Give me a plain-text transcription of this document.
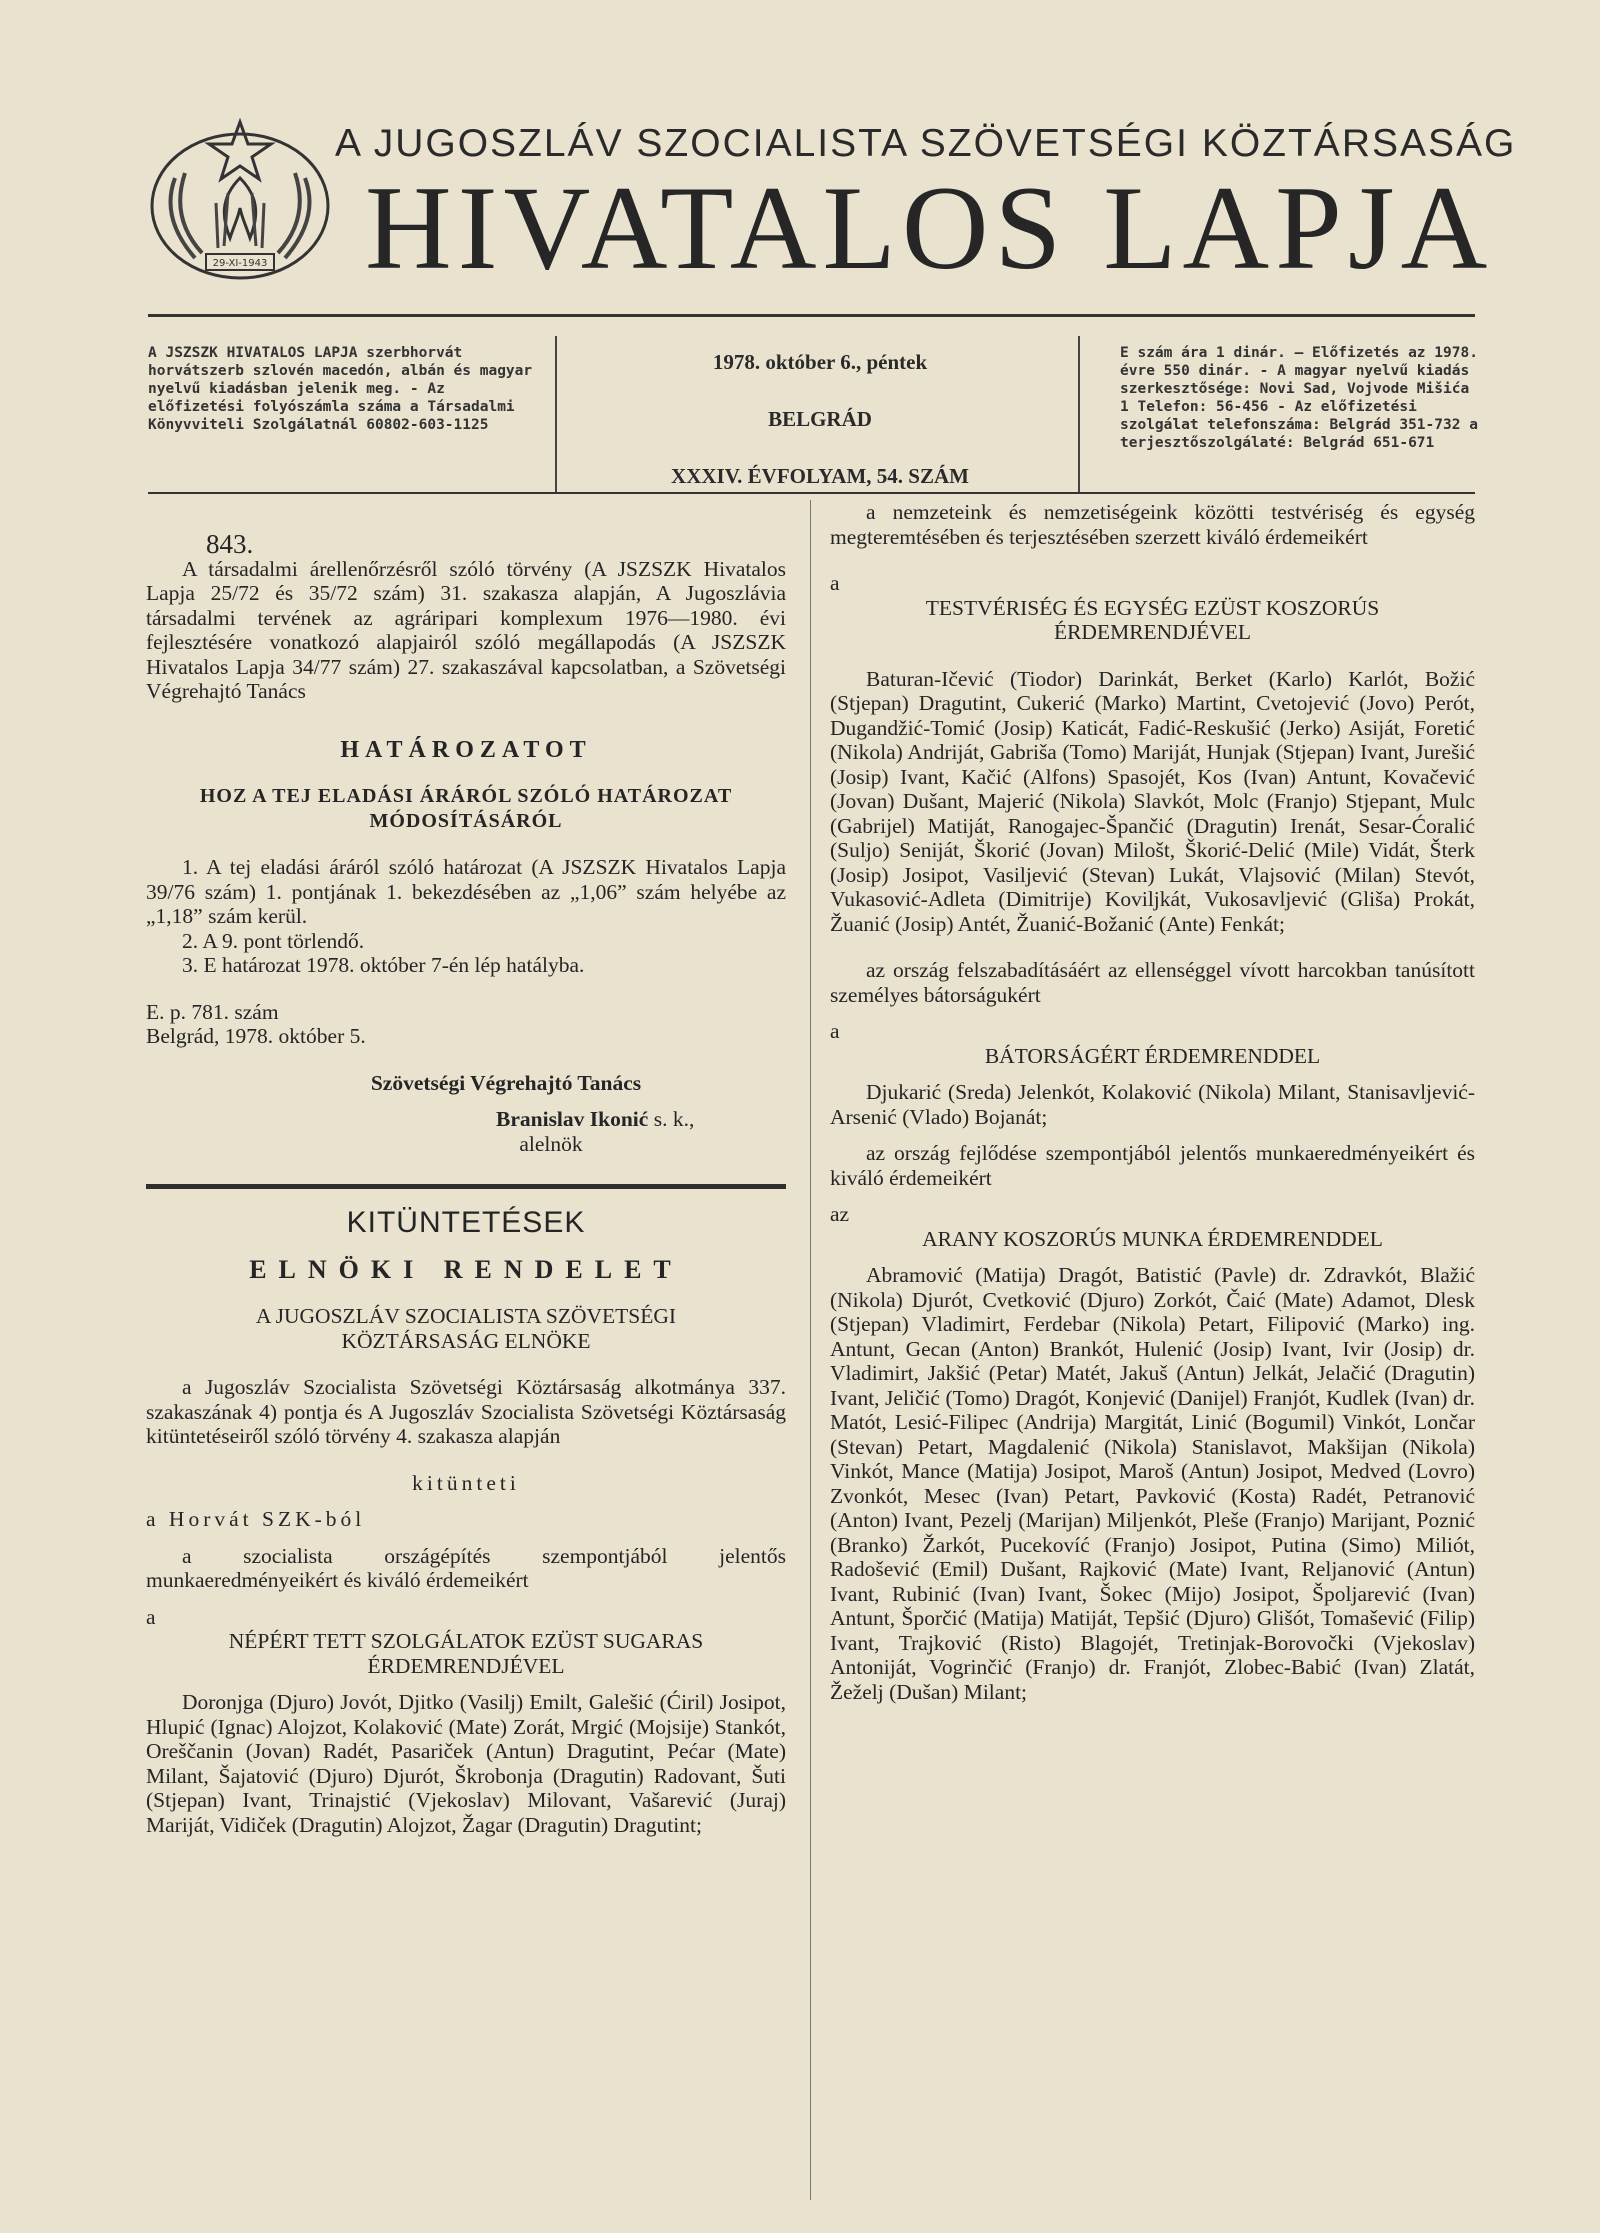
29-XI-1943
A JUGOSZLÁV SZOCIALISTA SZÖVETSÉGI KÖZTÁRSASÁG
HIVATALOS LAPJA
A JSZSZK HIVATALOS LAPJA szerbhorvát horvátszerb szlovén macedón, albán és magyar nyelvű kiadásban jelenik meg. - Az előfizetési folyószámla száma a Társadalmi Könyvviteli Szolgálatnál 60802-603-1125
1978. október 6., péntek
BELGRÁD
XXXIV. ÉVFOLYAM, 54. SZÁM
E szám ára 1 dinár. — Előfizetés az 1978. évre 550 dinár. - A magyar nyelvű kiadás szerkesztősége: Novi Sad, Vojvode Mišića 1 Telefon: 56-456 - Az előfizetési szolgálat telefonszáma: Belgrád 351-732 a terjesztőszolgálaté: Belgrád 651-671

843.

A társadalmi árellenőrzésről szóló törvény (A JSZSZK Hivatalos Lapja 25/72 és 35/72 szám) 31. szakasza alapján, A Jugoszlávia társadalmi tervének az agráripari komplexum 1976—1980. évi fejlesztésére vonatkozó alapjairól szóló megállapodás (A JSZSZK Hivatalos Lapja 34/77 szám) 27. szakaszával kapcsolatban, a Szövetségi Végrehajtó Tanács

HATÁROZATOT

HOZ A TEJ ELADÁSI ÁRÁRÓL SZÓLÓ HATÁROZAT MÓDOSÍTÁSÁRÓL

1. A tej eladási áráról szóló határozat (A JSZSZK Hivatalos Lapja 39/76 szám) 1. pontjának 1. bekezdésében az „1,06” szám helyébe az „1,18” szám kerül.

2. A 9. pont törlendő.

3. E határozat 1978. október 7-én lép hatályba.

E. p. 781. szám

Belgrád, 1978. október 5.

Szövetségi Végrehajtó Tanács

Branislav Ikonić s. k.,

alelnök

KITÜNTETÉSEK

ELNÖKI RENDELET

A JUGOSZLÁV SZOCIALISTA SZÖVETSÉGI KÖZTÁRSASÁG ELNÖKE

a Jugoszláv Szocialista Szövetségi Köztársaság alkotmánya 337. szakaszának 4) pontja és A Jugoszláv Szocialista Szövetségi Köztársaság kitüntetéseiről szóló törvény 4. szakasza alapján

kitünteti

a Horvát SZK-ból

a szocialista országépítés szempontjából jelentős munkaeredményeikért és kiváló érdemeikért

a

NÉPÉRT TETT SZOLGÁLATOK EZÜST SUGARAS ÉRDEMRENDJÉVEL

Doronjga (Djuro) Jovót, Djitko (Vasilj) Emilt, Galešić (Ćiril) Josipot, Hlupić (Ignac) Alojzot, Kolaković (Mate) Zorát, Mrgić (Mojsije) Stankót, Oreščanin (Jovan) Radét, Pasariček (Antun) Dragutint, Pećar (Mate) Milant, Šajatović (Djuro) Djurót, Škrobonja (Dragutin) Radovant, Šuti (Stjepan) Ivant, Trinajstić (Vjekoslav) Milovant, Vašarević (Juraj) Mariját, Vidiček (Dragutin) Alojzot, Žagar (Dragutin) Dragutint;

a nemzeteink és nemzetiségeink közötti testvériség és egység megteremtésében és terjesztésében szerzett kiváló érdemeikért

a

TESTVÉRISÉG ÉS EGYSÉG EZÜST KOSZORÚS ÉRDEMRENDJÉVEL

Baturan-Ičević (Tiodor) Darinkát, Berket (Karlo) Karlót, Božić (Stjepan) Dragutint, Cukerić (Marko) Martint, Cvetojević (Jovo) Perót, Dugandžić-Tomić (Josip) Katicát, Fadić-Reskušić (Jerko) Asiját, Foretić (Nikola) Andriját, Gabriša (Tomo) Mariját, Hunjak (Stjepan) Ivant, Jurešić (Josip) Ivant, Kačić (Alfons) Spasojét, Kos (Ivan) Antunt, Kovačević (Jovan) Dušant, Majerić (Nikola) Slavkót, Molc (Franjo) Stjepant, Mulc (Gabrijel) Matiját, Ranogajec-Špančić (Dragutin) Irenát, Sesar-Ćoralić (Suljo) Seniját, Škorić (Jovan) Milošt, Škorić-Delić (Mile) Vidát, Šterk (Josip) Josipot, Vasiljević (Stevan) Lukát, Vlajsović (Milan) Stevót, Vukasović-Adleta (Dimitrije) Koviljkát, Vukosavljević (Gliša) Prokát, Žuanić (Josip) Antét, Žuanić-Božanić (Ante) Fenkát;

az ország felszabadításáért az ellenséggel vívott harcokban tanúsított személyes bátorságukért

a

BÁTORSÁGÉRT ÉRDEMRENDDEL

Djukarić (Sreda) Jelenkót, Kolaković (Nikola) Milant, Stanisavljević-Arsenić (Vlado) Bojanát;

az ország fejlődése szempontjából jelentős munkaeredményeikért és kiváló érdemeikért

az

ARANY KOSZORÚS MUNKA ÉRDEMRENDDEL

Abramović (Matija) Dragót, Batistić (Pavle) dr. Zdravkót, Blažić (Nikola) Djurót, Cvetković (Djuro) Zorkót, Čaić (Mate) Adamot, Dlesk (Stjepan) Vladimirt, Ferdebar (Nikola) Petart, Filipović (Marko) ing. Antunt, Gecan (Anton) Brankót, Hulenić (Josip) Ivant, Ivir (Josip) dr. Vladimirt, Jakšić (Petar) Matét, Jakuš (Antun) Jelkát, Jelačić (Dragutin) Ivant, Jeličić (Tomo) Dragót, Konjević (Danijel) Franjót, Kudlek (Ivan) dr. Matót, Lesić-Filipec (Andrija) Margitát, Linić (Bogumil) Vinkót, Lončar (Stevan) Petart, Magdalenić (Nikola) Stanislavot, Makšijan (Nikola) Vinkót, Mance (Matija) Josipot, Maroš (Antun) Josipot, Medved (Lovro) Zvonkót, Mesec (Ivan) Petart, Pavković (Kosta) Radét, Petranović (Anton) Ivant, Pezelj (Marijan) Miljenkót, Pleše (Franjo) Marijant, Poznić (Branko) Žarkót, Pucekovíć (Franjo) Josipot, Putina (Simo) Miliót, Radošević (Emil) Dušant, Rajković (Mate) Ivant, Reljanović (Antun) Ivant, Rubinić (Ivan) Ivant, Šokec (Mijo) Josipot, Špoljarević (Ivan) Antunt, Šporčić (Matija) Matiját, Tepšić (Djuro) Glišót, Tomašević (Filip) Ivant, Trajković (Risto) Blagojét, Tretinjak-Borovočki (Vjekoslav) Antoniját, Vogrinčić (Franjo) dr. Franjót, Zlobec-Babić (Ivan) Zlatát, Žeželj (Dušan) Milant;
